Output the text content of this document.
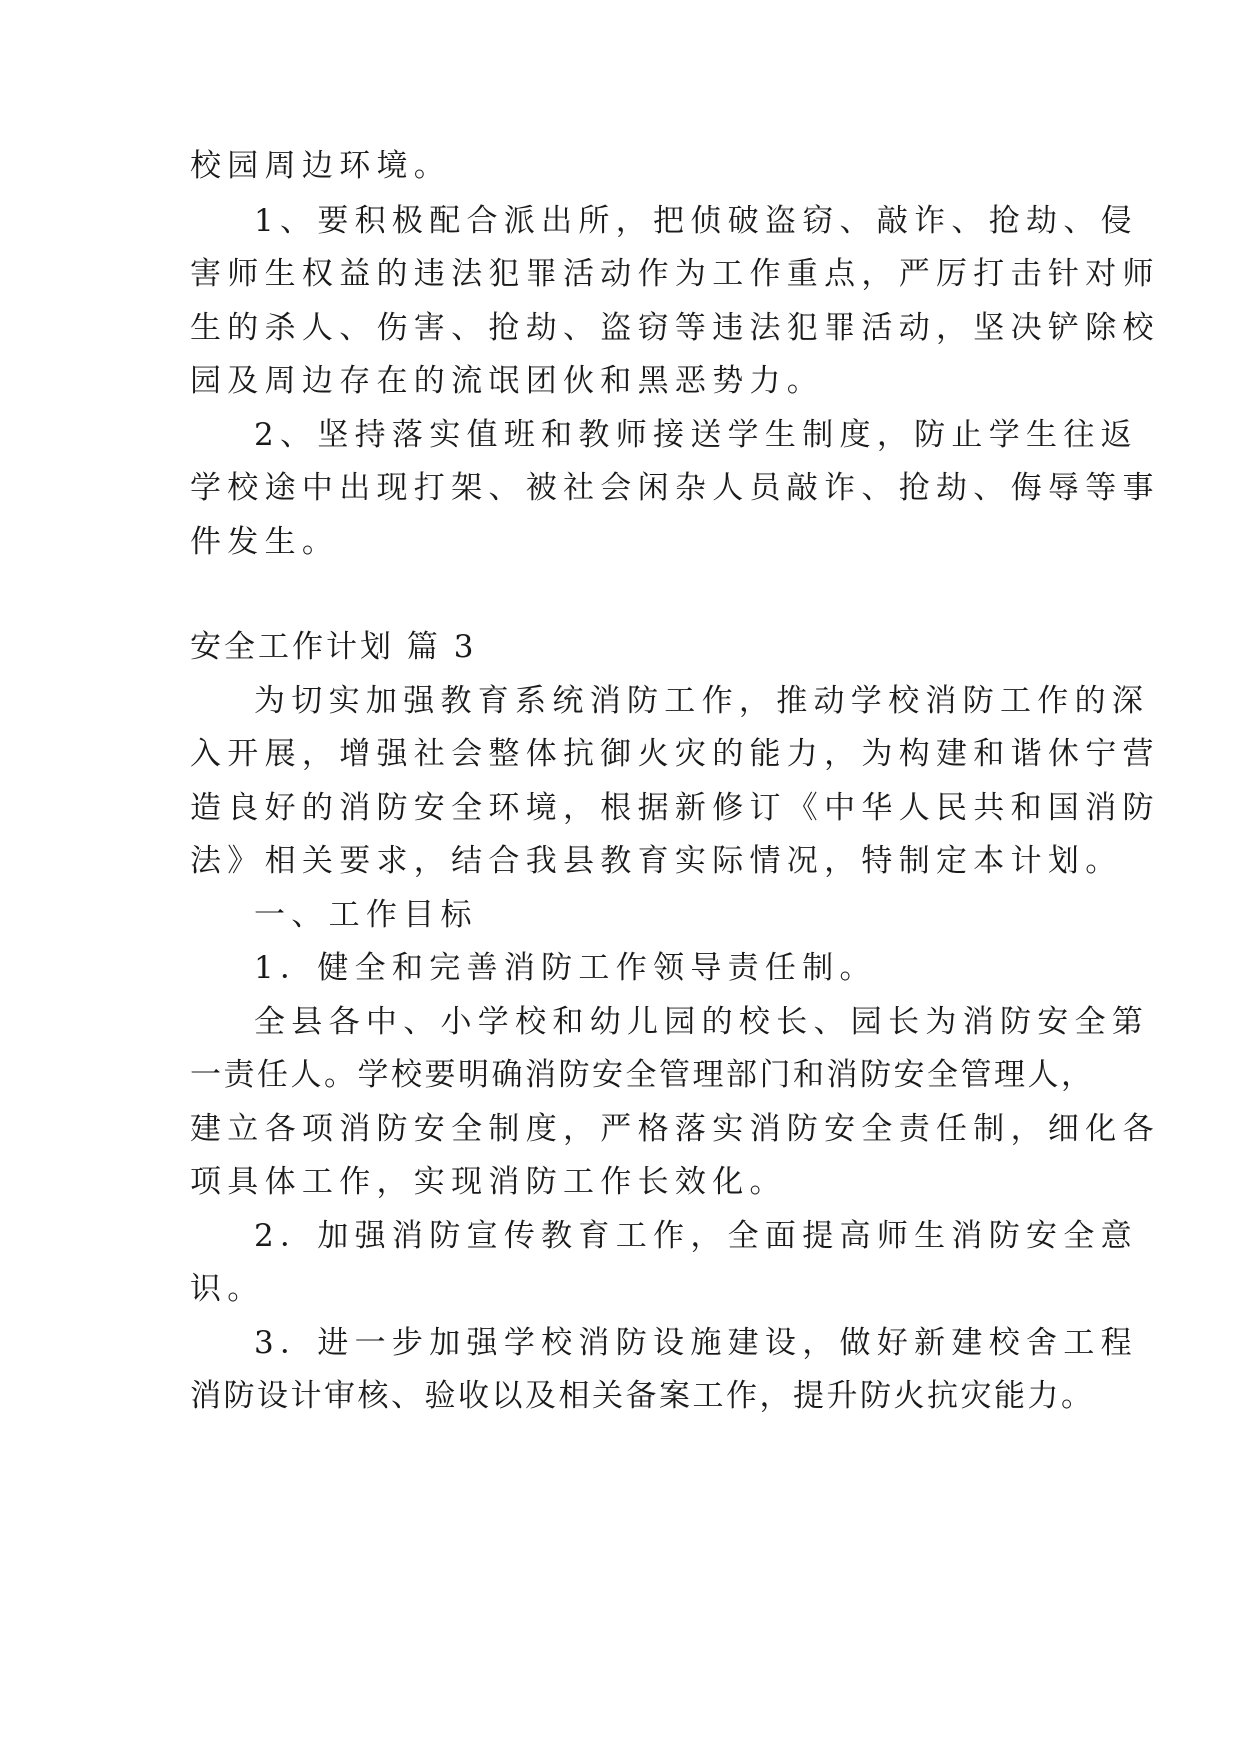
校园周边环境。
1、要积极配合派出所，把侦破盗窃、敲诈、抢劫、侵
害师生权益的违法犯罪活动作为工作重点，严厉打击针对师
生的杀人、伤害、抢劫、盗窃等违法犯罪活动，坚决铲除校
园及周边存在的流氓团伙和黑恶势力。
2、坚持落实值班和教师接送学生制度，防止学生往返
学校途中出现打架、被社会闲杂人员敲诈、抢劫、侮辱等事
件发生。
安全工作计划 篇 3
为切实加强教育系统消防工作，推动学校消防工作的深
入开展，增强社会整体抗御火灾的能力，为构建和谐休宁营
造良好的消防安全环境，根据新修订《中华人民共和国消防
法》相关要求，结合我县教育实际情况，特制定本计划。
一、工作目标
1．健全和完善消防工作领导责任制。
全县各中、小学校和幼儿园的校长、园长为消防安全第
一责任人。学校要明确消防安全管理部门和消防安全管理人，
建立各项消防安全制度，严格落实消防安全责任制，细化各
项具体工作，实现消防工作长效化。
2．加强消防宣传教育工作，全面提高师生消防安全意
识。
3．进一步加强学校消防设施建设，做好新建校舍工程
消防设计审核、验收以及相关备案工作，提升防火抗灾能力。
